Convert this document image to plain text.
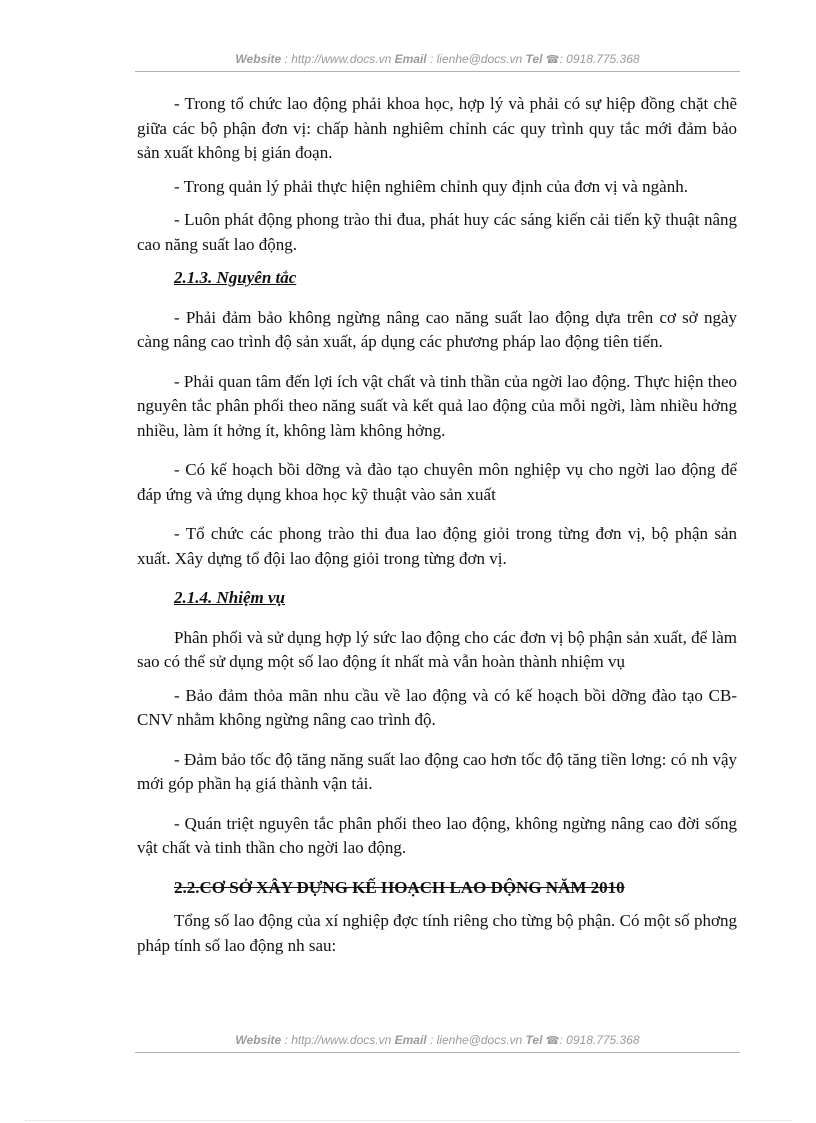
Website : http://www.docs.vn Email : lienhe@docs.vn Tel ☎: 0918.775.368

- Trong tổ chức lao động phải khoa học, hợp lý và phải có sự hiệp đồng chặt chẽ giữa các bộ phận đơn vị: chấp hành nghiêm chỉnh các quy trình quy tắc mới đảm bảo sản xuất không bị gián đoạn.

- Trong quản lý phải thực hiện nghiêm chỉnh quy định của đơn vị và ngành.

- Luôn phát động phong trào thi đua, phát huy các sáng kiến cải tiến kỹ thuật nâng cao năng suất lao động.

2.1.3. Nguyên tắc

- Phải đảm bảo không ngừng nâng cao năng suất lao động dựa trên cơ sở ngày càng nâng cao trình độ sản xuất, áp dụng các phương pháp lao động tiên tiến.

- Phải quan tâm đến lợi ích vật chất và tinh thần của ngời lao động. Thực hiện theo nguyên tắc phân phối theo năng suất và kết quả lao động của mỗi ngời, làm nhiều hởng nhiều, làm ít hởng ít, không làm không hởng.

- Có kế hoạch bồi dỡng và đào tạo chuyên môn nghiệp vụ cho ngời lao động để đáp ứng và ứng dụng khoa học kỹ thuật vào sản xuất

- Tổ chức các phong trào thi đua lao động giỏi trong từng đơn vị, bộ phận sản xuất. Xây dựng tổ đội lao động giỏi trong từng đơn vị.

2.1.4. Nhiệm vụ

Phân phối và sử dụng hợp lý sức lao động cho các đơn vị bộ phận sản xuất, để làm sao có thể sử dụng một số lao động ít nhất mà vẫn hoàn thành nhiệm vụ

- Bảo đảm thỏa mãn nhu cầu về lao động và có kế hoạch bồi dỡng đào tạo CB-CNV nhằm không ngừng nâng cao trình độ.

- Đảm bảo tốc độ tăng năng suất lao động cao hơn tốc độ tăng tiền lơng: có nh vậy mới góp phần hạ giá thành vận tải.

- Quán triệt nguyên tắc phân phối theo lao động, không ngừng nâng cao đời sống vật chất và tinh thần cho ngời lao động.

2.2.CƠ SỞ XÂY DỰNG KẾ HOẠCH LAO ĐỘNG NĂM 2010

Tổng số lao động của xí nghiệp đợc tính riêng cho từng bộ phận. Có một số phơng pháp tính số lao động nh sau:

Website : http://www.docs.vn Email : lienhe@docs.vn Tel ☎: 0918.775.368
